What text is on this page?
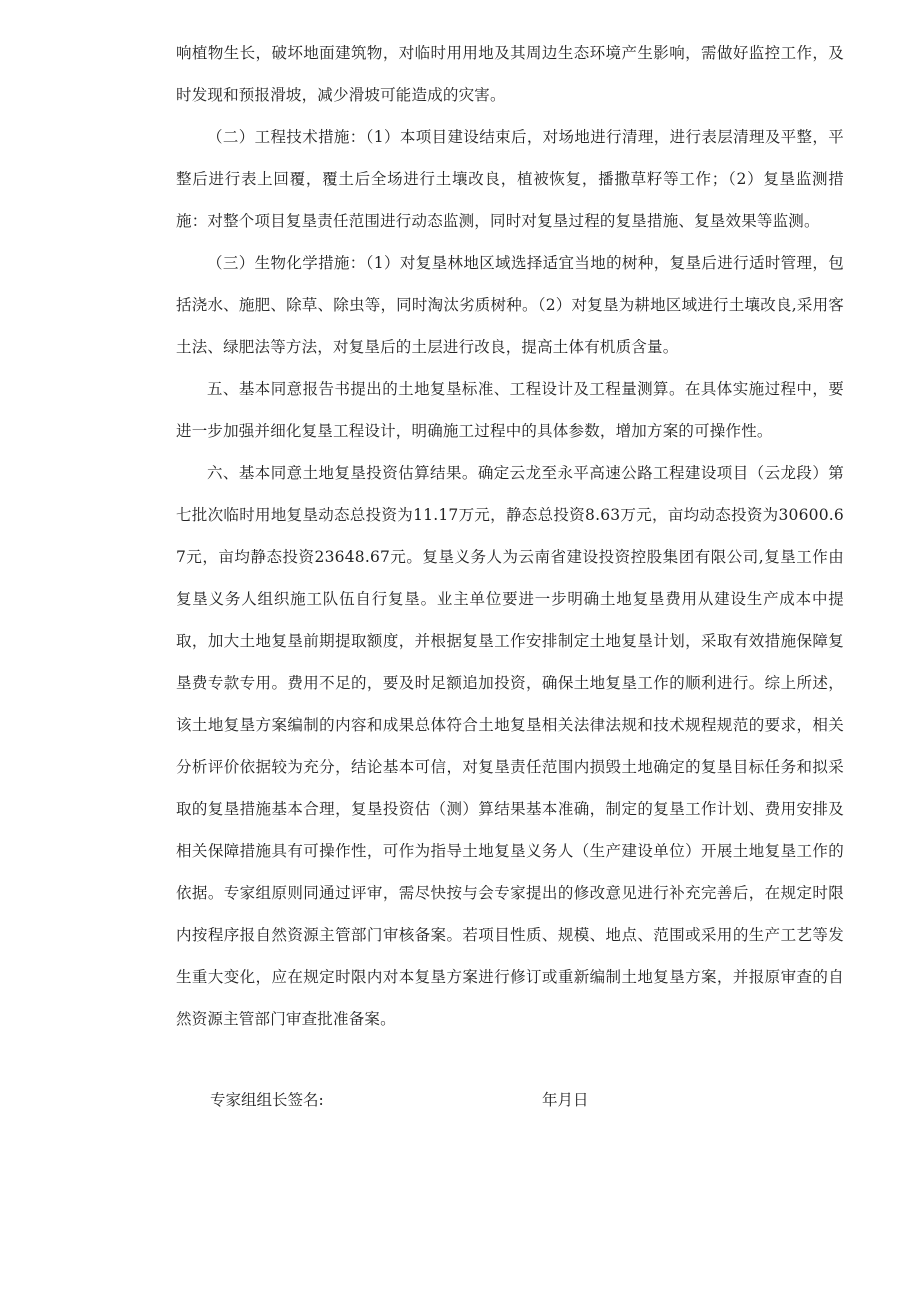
响植物生长，破坏地面建筑物，对临时用用地及其周边生态环境产生影响，需做好监控工作，及时发现和预报滑坡，减少滑坡可能造成的灾害。

（二）工程技术措施：（1）本项目建设结束后，对场地进行清理，进行表层清理及平整，平整后进行表上回覆，覆土后全场进行土壤改良，植被恢复，播撒草籽等工作；（2）复垦监测措施：对整个项目复垦责任范围进行动态监测，同时对复垦过程的复垦措施、复垦效果等监测。

（三）生物化学措施：（1）对复垦林地区域选择适宜当地的树种，复垦后进行适时管理，包括浇水、施肥、除草、除虫等，同时淘汰劣质树种。（2）对复垦为耕地区域进行土壤改良,采用客土法、绿肥法等方法，对复垦后的土层进行改良，提高土体有机质含量。

五、基本同意报告书提出的土地复垦标准、工程设计及工程量测算。在具体实施过程中，要进一步加强并细化复垦工程设计，明确施工过程中的具体参数，增加方案的可操作性。

六、基本同意土地复垦投资估算结果。确定云龙至永平高速公路工程建设项目（云龙段）第七批次临时用地复垦动态总投资为11.17万元，静态总投资8.63万元，亩均动态投资为30600.67元，亩均静态投资23648.67元。复垦义务人为云南省建设投资控股集团有限公司,复垦工作由复垦义务人组织施工队伍自行复垦。业主单位要进一步明确土地复垦费用从建设生产成本中提取，加大土地复垦前期提取额度，并根据复垦工作安排制定土地复垦计划，采取有效措施保障复垦费专款专用。费用不足的，要及时足额追加投资，确保土地复垦工作的顺利进行。综上所述，该土地复垦方案编制的内容和成果总体符合土地复垦相关法律法规和技术规程规范的要求，相关分析评价依据较为充分，结论基本可信，对复垦责任范围内损毁土地确定的复垦目标任务和拟采取的复垦措施基本合理，复垦投资估（测）算结果基本准确，制定的复垦工作计划、费用安排及相关保障措施具有可操作性，可作为指导土地复垦义务人（生产建设单位）开展土地复垦工作的依据。专家组原则同通过评审，需尽快按与会专家提出的修改意见进行补充完善后，在规定时限内按程序报自然资源主管部门审核备案。若项目性质、规模、地点、范围或采用的生产工艺等发生重大变化，应在规定时限内对本复垦方案进行修订或重新编制土地复垦方案，并报原审查的自然资源主管部门审查批准备案。

专家组组长签名:	年月日
